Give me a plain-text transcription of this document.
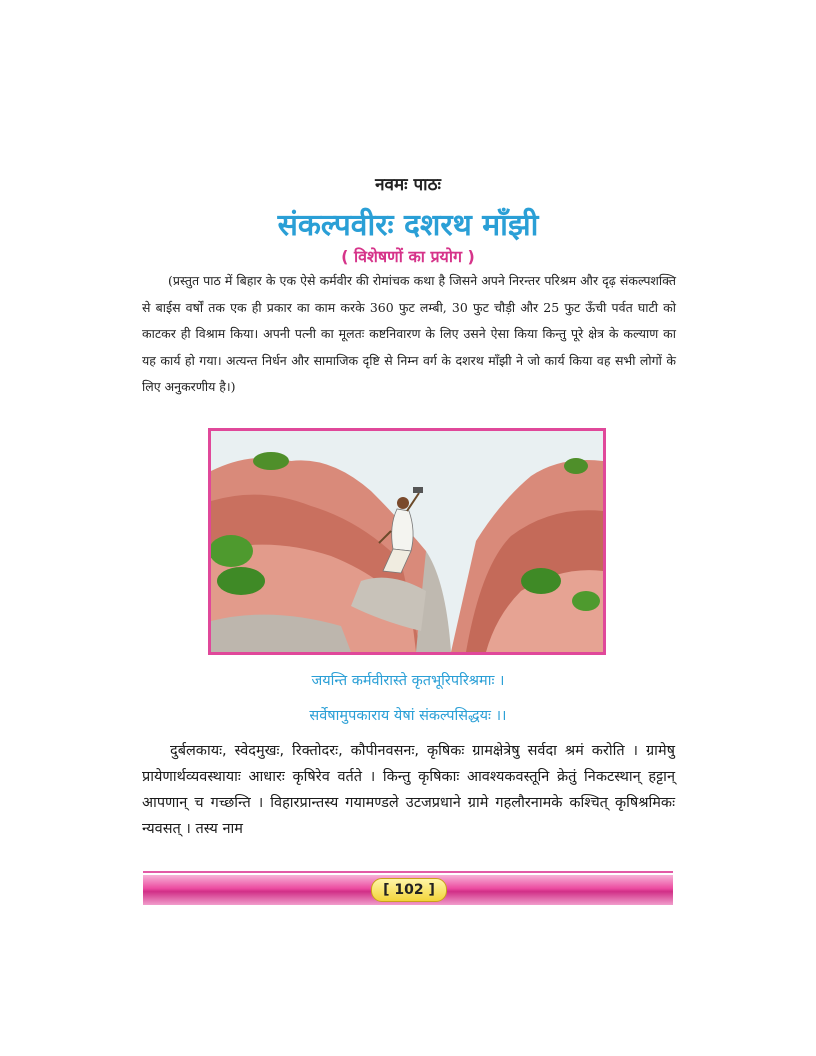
नवमः पाठः
संकल्पवीरः दशरथ माँझी
( विशेषणों का प्रयोग )

(प्रस्तुत पाठ में बिहार के एक ऐसे कर्मवीर की रोमांचक कथा है जिसने अपने निरन्तर परिश्रम और दृढ़ संकल्पशक्ति से बाईस वर्षों तक एक ही प्रकार का काम करके 360 फुट लम्बी, 30 फुट चौड़ी और 25 फुट ऊँची पर्वत घाटी को काटकर ही विश्राम किया। अपनी पत्नी का मूलतः कष्टनिवारण के लिए उसने ऐसा किया किन्तु पूरे क्षेत्र के कल्याण का यह कार्य हो गया। अत्यन्त निर्धन और सामाजिक दृष्टि से निम्न वर्ग के दशरथ माँझी ने जो कार्य किया वह सभी लोगों के लिए अनुकरणीय है।)

जयन्ति कर्मवीरास्ते कृतभूरिपरिश्रमाः ।
सर्वेषामुपकाराय येषां संकल्पसिद्धयः ।।

दुर्बलकायः, स्वेदमुखः, रिक्तोदरः, कौपीनवसनः, कृषिकः ग्रामक्षेत्रेषु सर्वदा श्रमं करोति । ग्रामेषु प्रायेणार्थव्यवस्थायाः आधारः कृषिरेव वर्तते । किन्तु कृषिकाः आवश्यकवस्तूनि क्रेतुं निकटस्थान् हट्टान् आपणान् च गच्छन्ति । विहारप्रान्तस्य गयामण्डले उटजप्रधाने ग्रामे गहलौरनामके कश्चित् कृषिश्रमिकः न्यवसत् । तस्य नाम

[ 102 ]
